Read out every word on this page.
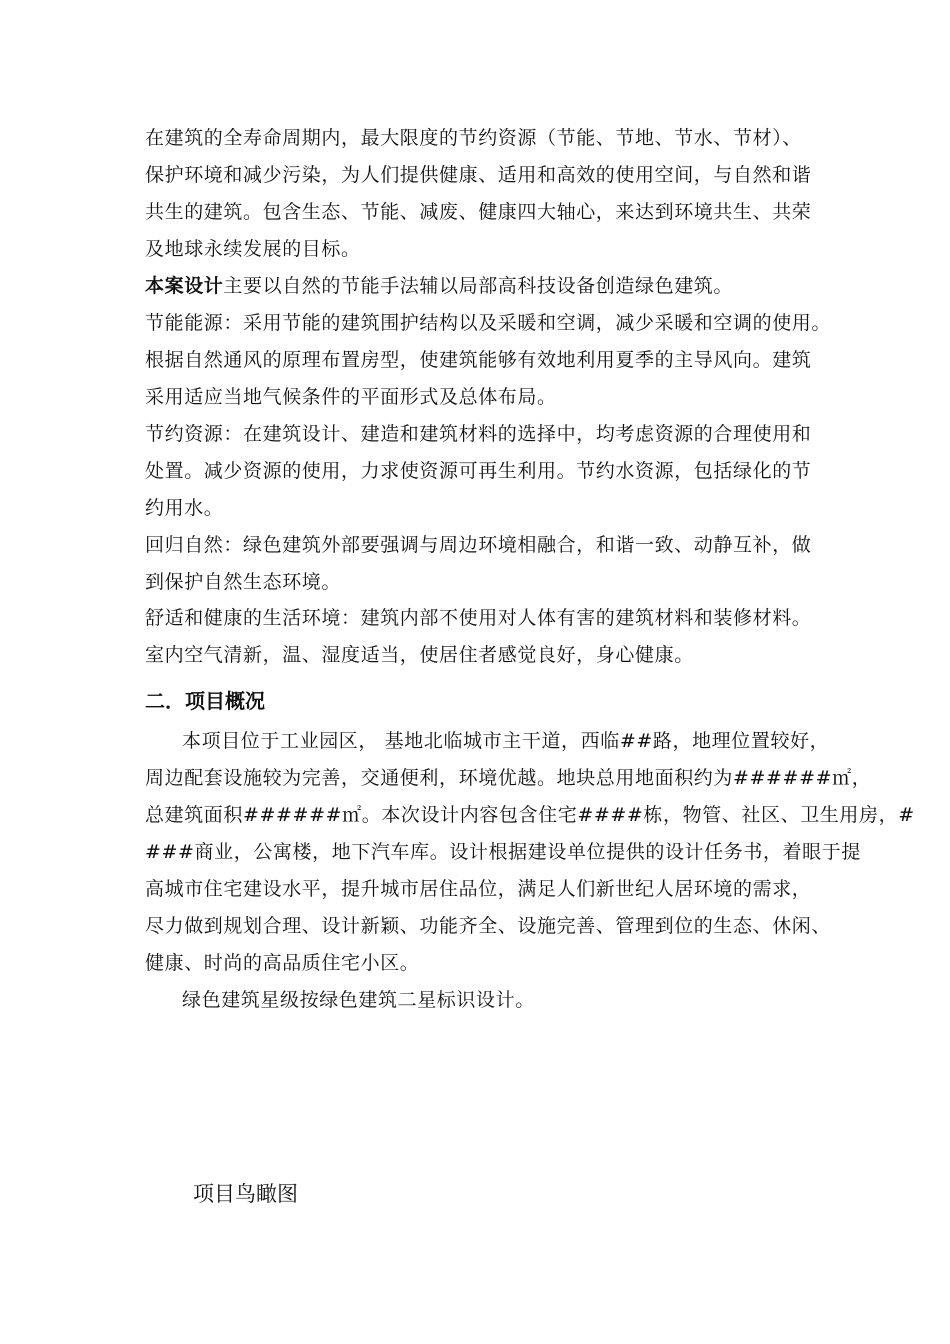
在建筑的全寿命周期内，最大限度的节约资源（节能、节地、节水、节材）、
保护环境和减少污染，为人们提供健康、适用和高效的使用空间，与自然和谐
共生的建筑。包含生态、节能、减废、健康四大轴心，来达到环境共生、共荣
及地球永续发展的目标。
本案设计主要以自然的节能手法辅以局部高科技设备创造绿色建筑。
节能能源：采用节能的建筑围护结构以及采暖和空调，减少采暖和空调的使用。
根据自然通风的原理布置房型，使建筑能够有效地利用夏季的主导风向。建筑
采用适应当地气候条件的平面形式及总体布局。
节约资源：在建筑设计、建造和建筑材料的选择中，均考虑资源的合理使用和
处置。减少资源的使用，力求使资源可再生利用。节约水资源，包括绿化的节
约用水。
回归自然：绿色建筑外部要强调与周边环境相融合，和谐一致、动静互补，做
到保护自然生态环境。
舒适和健康的生活环境：建筑内部不使用对人体有害的建筑材料和装修材料。
室内空气清新，温、湿度适当，使居住者感觉良好，身心健康。
二．项目概况
本项目位于工业园区， 基地北临城市主干道，西临##路，地理位置较好，
周边配套设施较为完善，交通便利，环境优越。地块总用地面积约为######㎡，
总建筑面积######㎡。本次设计内容包含住宅####栋，物管、社区、卫生用房，#
###商业，公寓楼，地下汽车库。设计根据建设单位提供的设计任务书，着眼于提
高城市住宅建设水平，提升城市居住品位，满足人们新世纪人居环境的需求，
尽力做到规划合理、设计新颖、功能齐全、设施完善、管理到位的生态、休闲、
健康、时尚的高品质住宅小区。
绿色建筑星级按绿色建筑二星标识设计。
项目鸟瞰图
